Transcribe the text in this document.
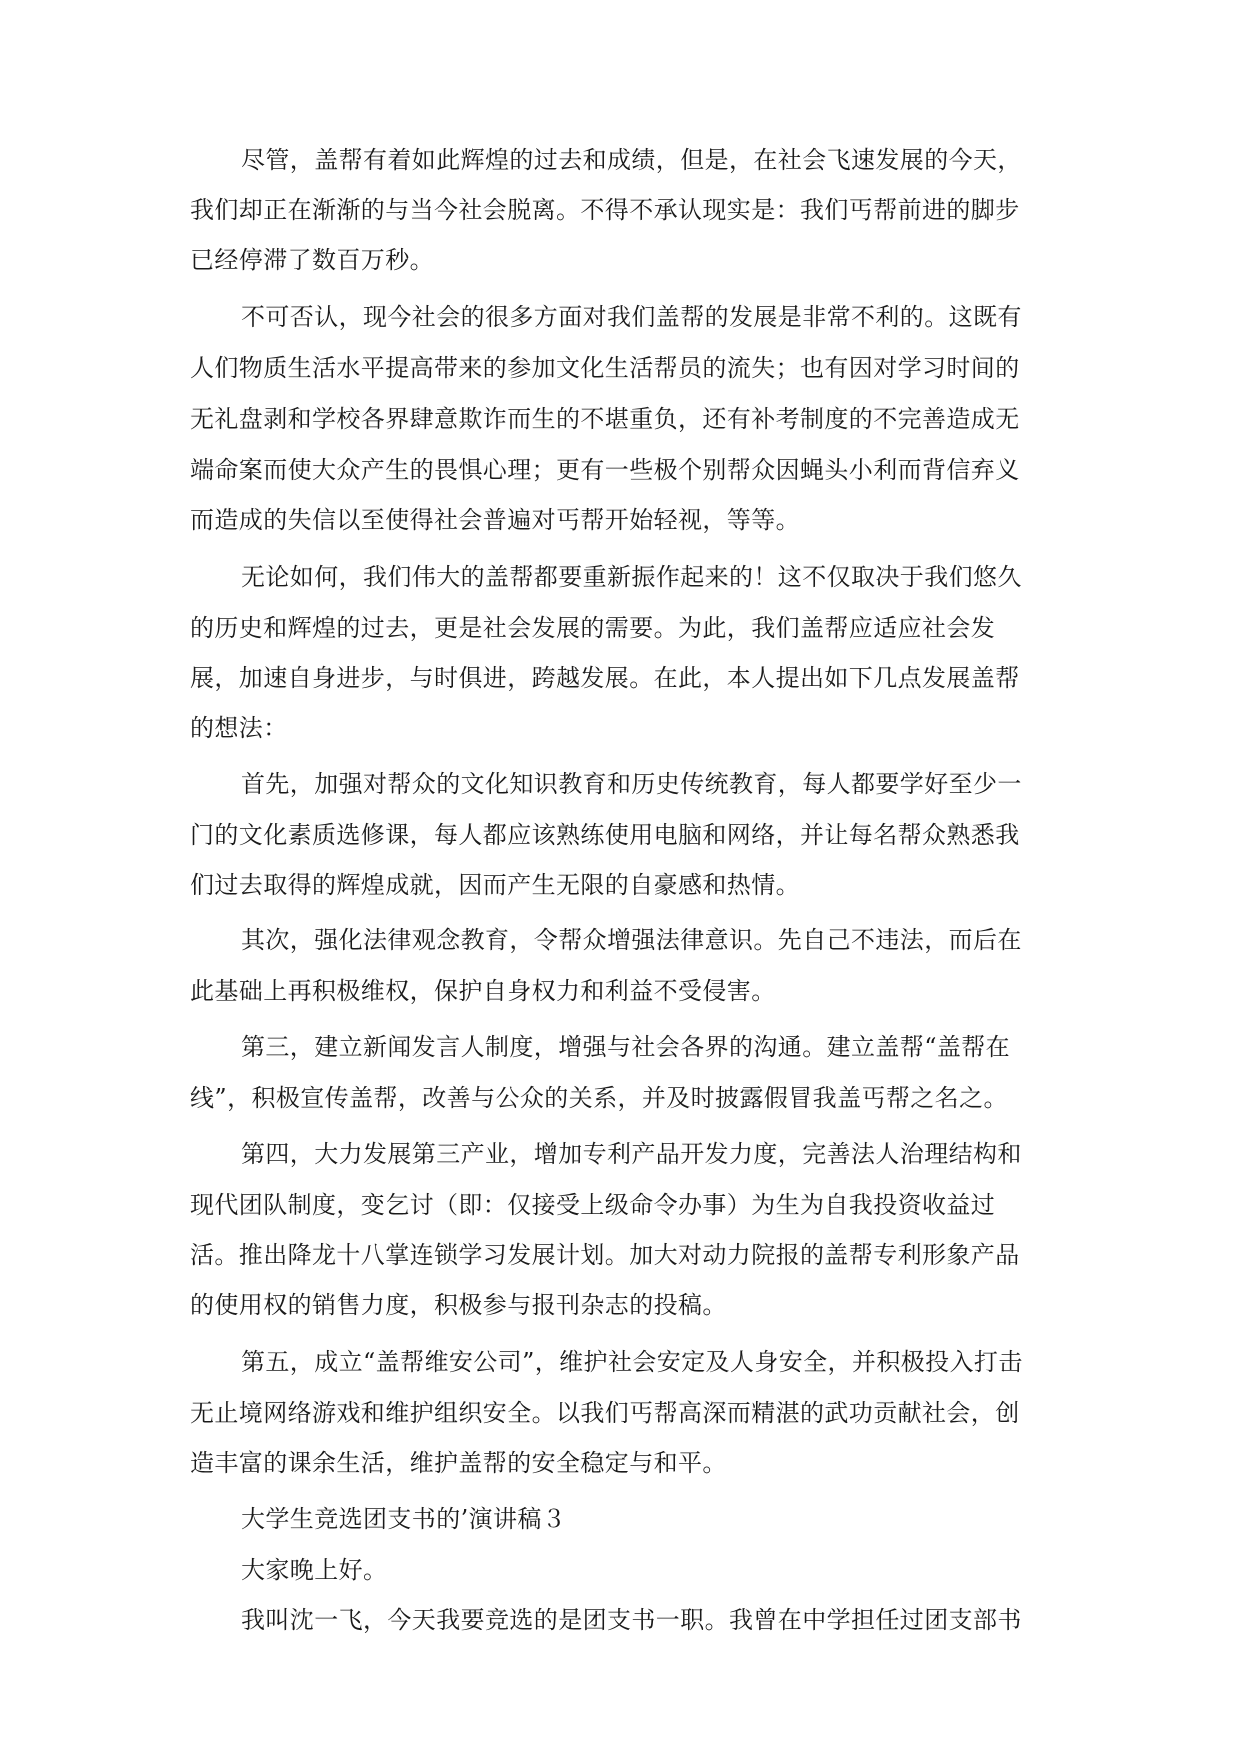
尽管，盖帮有着如此辉煌的过去和成绩，但是，在社会飞速发展的今天，
我们却正在渐渐的与当今社会脱离。不得不承认现实是：我们丐帮前进的脚步
已经停滞了数百万秒。
不可否认，现今社会的很多方面对我们盖帮的发展是非常不利的。这既有
人们物质生活水平提高带来的参加文化生活帮员的流失；也有因对学习时间的
无礼盘剥和学校各界肆意欺诈而生的不堪重负，还有补考制度的不完善造成无
端命案而使大众产生的畏惧心理；更有一些极个别帮众因蝇头小利而背信弃义
而造成的失信以至使得社会普遍对丐帮开始轻视，等等。
无论如何，我们伟大的盖帮都要重新振作起来的！这不仅取决于我们悠久
的历史和辉煌的过去，更是社会发展的需要。为此，我们盖帮应适应社会发
展，加速自身进步，与时俱进，跨越发展。在此，本人提出如下几点发展盖帮
的想法：
首先，加强对帮众的文化知识教育和历史传统教育，每人都要学好至少一
门的文化素质选修课，每人都应该熟练使用电脑和网络，并让每名帮众熟悉我
们过去取得的辉煌成就，因而产生无限的自豪感和热情。
其次，强化法律观念教育，令帮众增强法律意识。先自己不违法，而后在
此基础上再积极维权，保护自身权力和利益不受侵害。
第三，建立新闻发言人制度，增强与社会各界的沟通。建立盖帮“盖帮在
线”，积极宣传盖帮，改善与公众的关系，并及时披露假冒我盖丐帮之名之。
第四，大力发展第三产业，增加专利产品开发力度，完善法人治理结构和
现代团队制度，变乞讨（即：仅接受上级命令办事）为生为自我投资收益过
活。推出降龙十八掌连锁学习发展计划。加大对动力院报的盖帮专利形象产品
的使用权的销售力度，积极参与报刊杂志的投稿。
第五，成立“盖帮维安公司”，维护社会安定及人身安全，并积极投入打击
无止境网络游戏和维护组织安全。以我们丐帮高深而精湛的武功贡献社会，创
造丰富的课余生活，维护盖帮的安全稳定与和平。
大学生竞选团支书的’演讲稿３
大家晚上好。
我叫沈一飞，今天我要竞选的是团支书一职。我曾在中学担任过团支部书
